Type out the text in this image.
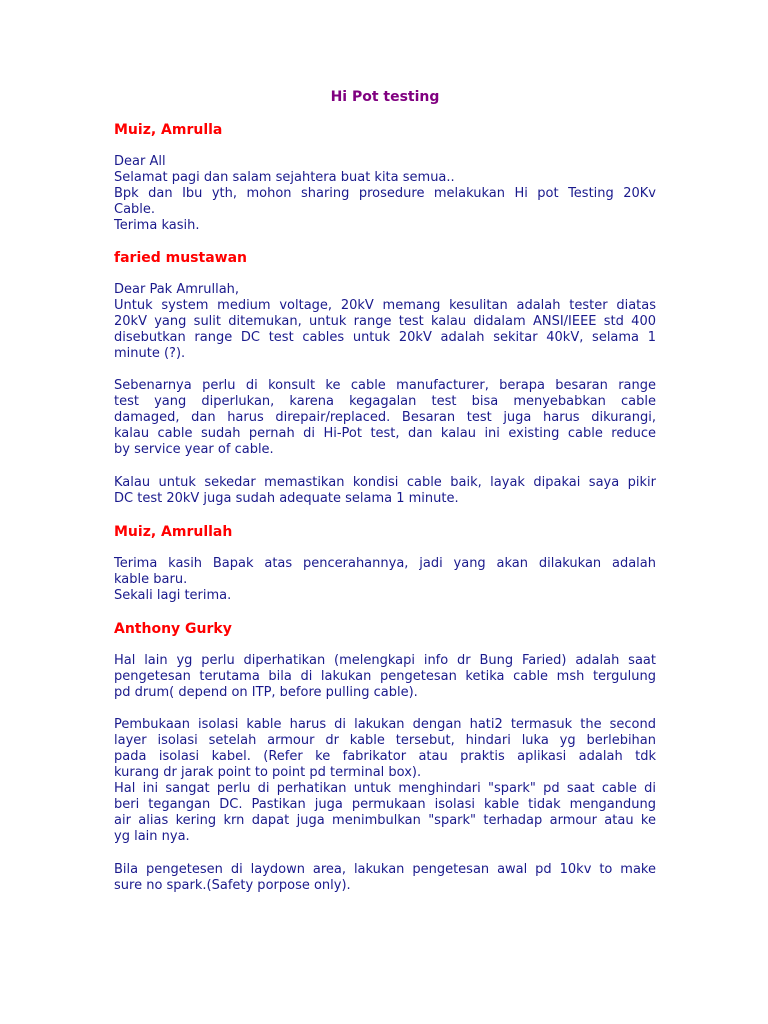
Hi Pot testing
Muiz, Amrulla
Dear All
Selamat pagi dan salam sejahtera buat kita semua..
Bpk dan Ibu yth, mohon sharing prosedure melakukan Hi pot Testing 20Kv
Cable.
Terima kasih.
faried mustawan
Dear Pak Amrullah,
Untuk system medium voltage, 20kV memang kesulitan adalah tester diatas
20kV yang sulit ditemukan, untuk range test kalau didalam ANSI/IEEE std 400
disebutkan range DC test cables untuk 20kV adalah sekitar 40kV, selama 1
minute (?).
Sebenarnya perlu di konsult ke cable manufacturer, berapa besaran range
test yang diperlukan, karena kegagalan test bisa menyebabkan cable
damaged, dan harus direpair/replaced. Besaran test juga harus dikurangi,
kalau cable sudah pernah di Hi-Pot test, dan kalau ini existing cable reduce
by service year of cable.
Kalau untuk sekedar memastikan kondisi cable baik, layak dipakai saya pikir
DC test 20kV juga sudah adequate selama 1 minute.
Muiz, Amrullah
Terima kasih Bapak atas pencerahannya, jadi yang akan dilakukan adalah
kable baru.
Sekali lagi terima.
Anthony Gurky
Hal lain yg perlu diperhatikan (melengkapi info dr Bung Faried) adalah saat
pengetesan terutama bila di lakukan pengetesan ketika cable msh tergulung
pd drum( depend on ITP, before pulling cable).
Pembukaan isolasi kable harus di lakukan dengan hati2 termasuk the second
layer isolasi setelah armour dr kable tersebut, hindari luka yg berlebihan
pada isolasi kabel. (Refer ke fabrikator atau praktis aplikasi adalah tdk
kurang dr jarak point to point pd terminal box).
Hal ini sangat perlu di perhatikan untuk menghindari "spark" pd saat cable di
beri tegangan DC. Pastikan juga permukaan isolasi kable tidak mengandung
air alias kering krn dapat juga menimbulkan "spark" terhadap armour atau ke
yg lain nya.
Bila pengetesen di laydown area, lakukan pengetesan awal pd 10kv to make
sure no spark.(Safety porpose only).
